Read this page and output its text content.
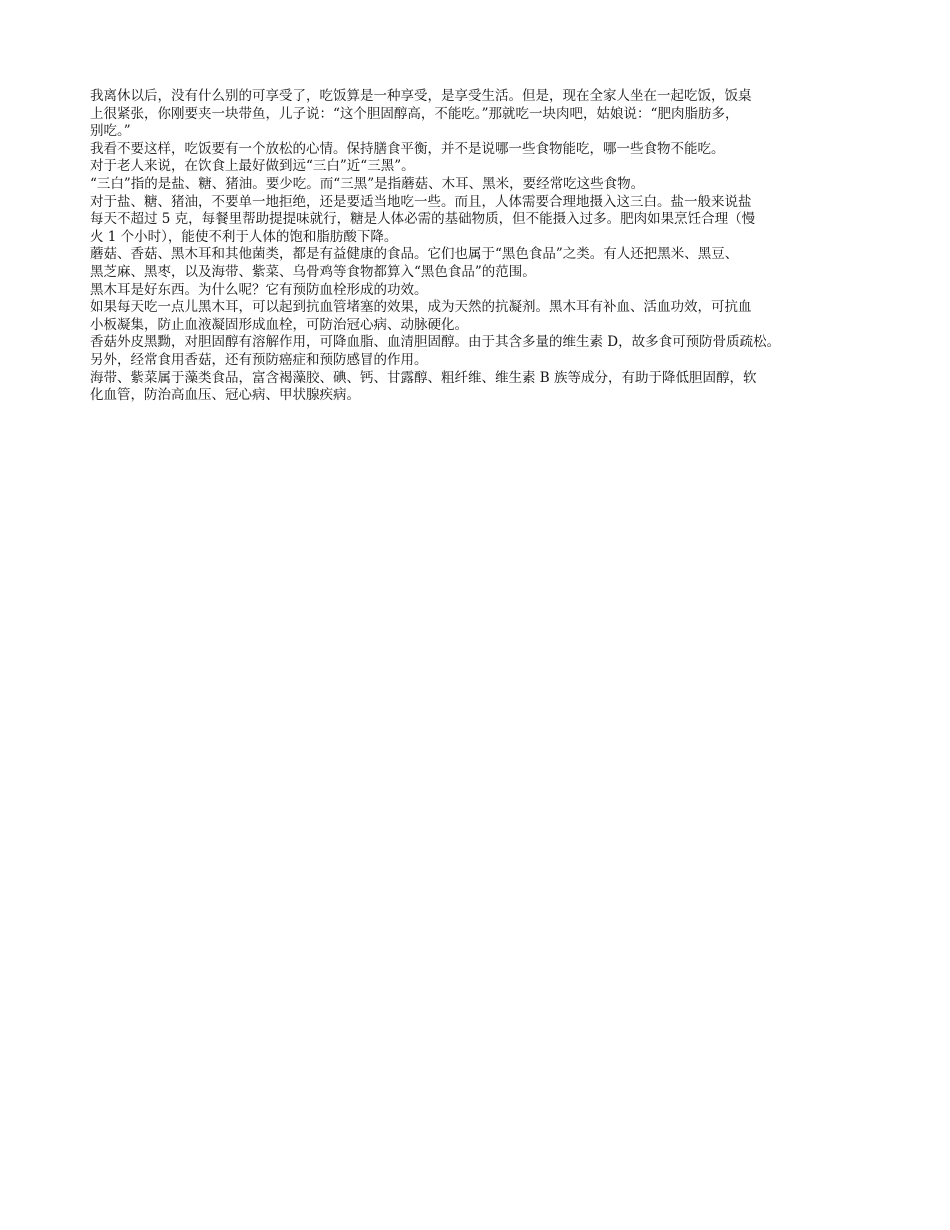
我离休以后，没有什么别的可享受了，吃饭算是一种享受，是享受生活。但是，现在全家人坐在一起吃饭，饭桌
上很紧张，你刚要夹一块带鱼，儿子说：“这个胆固醇高，不能吃。”那就吃一块肉吧，姑娘说：“肥肉脂肪多，
别吃。”

我看不要这样，吃饭要有一个放松的心情。保持膳食平衡，并不是说哪一些食物能吃，哪一些食物不能吃。

对于老人来说，在饮食上最好做到远“三白”近“三黑”。

“三白”指的是盐、糖、猪油。要少吃。而“三黑”是指蘑菇、木耳、黑米，要经常吃这些食物。

对于盐、糖、猪油，不要单一地拒绝，还是要适当地吃一些。而且，人体需要合理地摄入这三白。盐一般来说盐
每天不超过 5 克，每餐里帮助提提味就行，糖是人体必需的基础物质，但不能摄入过多。肥肉如果烹饪合理（慢
火 1 个小时），能使不利于人体的饱和脂肪酸下降。

蘑菇、香菇、黑木耳和其他菌类，都是有益健康的食品。它们也属于“黑色食品”之类。有人还把黑米、黑豆、
黑芝麻、黑枣，以及海带、紫菜、乌骨鸡等食物都算入“黑色食品”的范围。

黑木耳是好东西。为什么呢？它有预防血栓形成的功效。

如果每天吃一点儿黑木耳，可以起到抗血管堵塞的效果，成为天然的抗凝剂。黑木耳有补血、活血功效，可抗血
小板凝集，防止血液凝固形成血栓，可防治冠心病、动脉硬化。

香菇外皮黑黝，对胆固醇有溶解作用，可降血脂、血清胆固醇。由于其含多量的维生素 D，故多食可预防骨质疏松。

另外，经常食用香菇，还有预防癌症和预防感冒的作用。

海带、紫菜属于藻类食品，富含褐藻胶、碘、钙、甘露醇、粗纤维、维生素 B 族等成分，有助于降低胆固醇，软
化血管，防治高血压、冠心病、甲状腺疾病。
